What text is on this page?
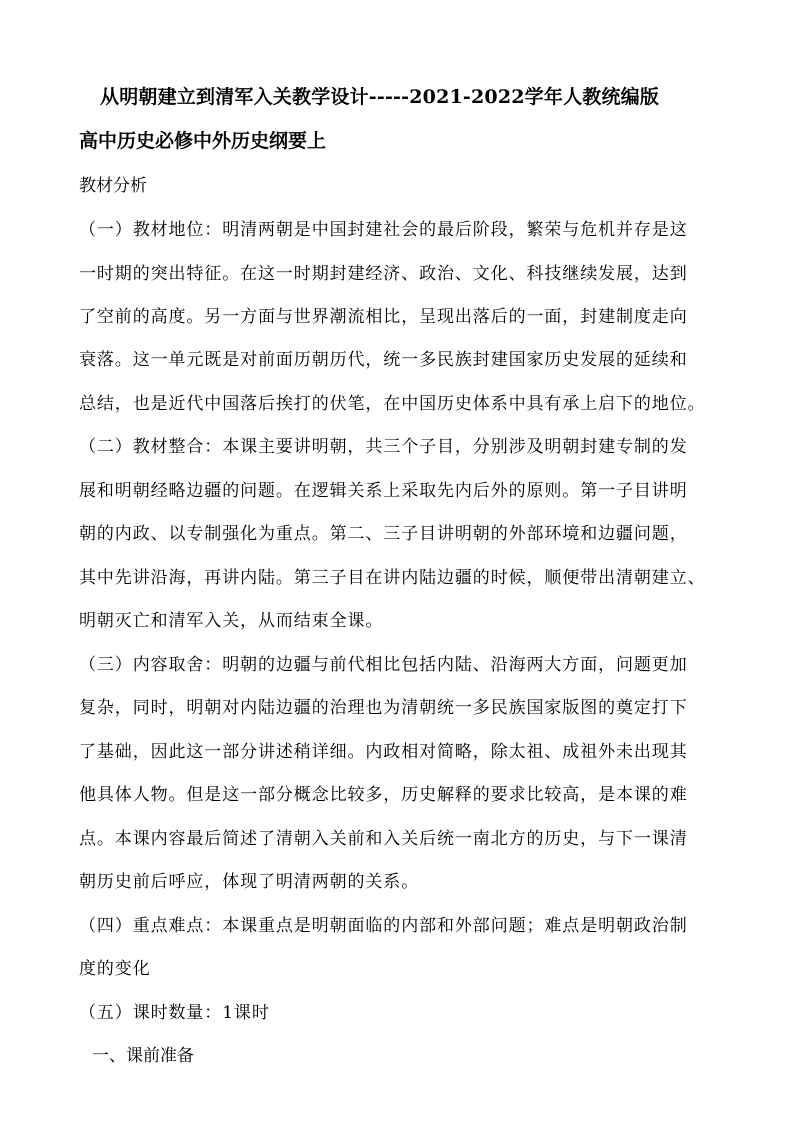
从明朝建立到清军入关教学设计-----2021-2022学年人教统编版
高中历史必修中外历史纲要上
教材分析
（一）教材地位：明清两朝是中国封建社会的最后阶段，繁荣与危机并存是这
一时期的突出特征。在这一时期封建经济、政治、文化、科技继续发展，达到
了空前的高度。另一方面与世界潮流相比，呈现出落后的一面，封建制度走向
衰落。这一单元既是对前面历朝历代，统一多民族封建国家历史发展的延续和
总结，也是近代中国落后挨打的伏笔，在中国历史体系中具有承上启下的地位。
（二）教材整合：本课主要讲明朝，共三个子目，分别涉及明朝封建专制的发
展和明朝经略边疆的问题。在逻辑关系上采取先内后外的原则。第一子目讲明
朝的内政、以专制强化为重点。第二、三子目讲明朝的外部环境和边疆问题，
其中先讲沿海，再讲内陆。第三子目在讲内陆边疆的时候，顺便带出清朝建立、
明朝灭亡和清军入关，从而结束全课。
（三）内容取舍：明朝的边疆与前代相比包括内陆、沿海两大方面，问题更加
复杂，同时，明朝对内陆边疆的治理也为清朝统一多民族国家版图的奠定打下
了基础，因此这一部分讲述稍详细。内政相对简略，除太祖、成祖外未出现其
他具体人物。但是这一部分概念比较多，历史解释的要求比较高，是本课的难
点。本课内容最后简述了清朝入关前和入关后统一南北方的历史，与下一课清
朝历史前后呼应，体现了明清两朝的关系。
（四）重点难点：本课重点是明朝面临的内部和外部问题；难点是明朝政治制
度的变化
（五）课时数量：1课时
一、课前准备
